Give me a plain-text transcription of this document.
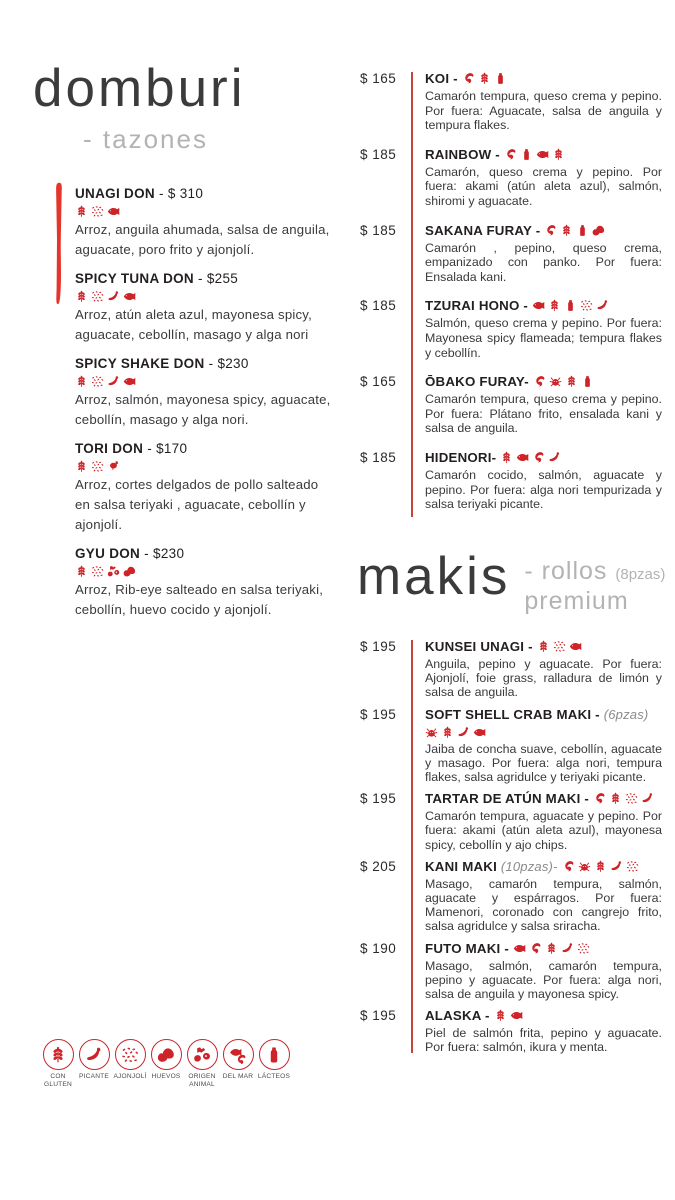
domburi
- tazones
UNAGI DON - $ 310
Arroz, anguila ahumada, salsa de anguila, aguacate, poro frito y ajonjolí.
SPICY TUNA DON - $255
Arroz, atún aleta azul, mayonesa spicy, aguacate, cebollín, masago y alga nori
SPICY SHAKE DON - $230
Arroz, salmón, mayonesa spicy, aguacate, cebollín, masago y alga nori.
TORI DON - $170
Arroz, cortes delgados de pollo salteado en salsa teriyaki , aguacate, cebollín y ajonjolí.
GYU DON - $230
Arroz, Rib-eye salteado en salsa teriyaki, cebollín, huevo cocido y ajonjolí.
$ 165	KOI -
Camarón tempura, queso crema y pepino. Por fuera: Aguacate, salsa de anguila y tempura flakes.
$ 185	RAINBOW -
Camarón, queso crema y pepino. Por fuera: akami (atún aleta azul), salmón, shiromi y aguacate.
$ 185	SAKANA FURAY -
Camarón , pepino, queso crema, empanizado con panko. Por fuera: Ensalada kani.
$ 185	TZURAI HONO -
Salmón, queso crema y pepino. Por fuera: Mayonesa spicy flameada; tempura flakes y cebollín.
$ 165	ŌBAKO FURAY-
Camarón tempura, queso crema y pepino. Por fuera: Plátano frito, ensalada kani y salsa de anguila.
$ 185	HIDENORI-
Camarón cocido, salmón, aguacate y pepino. Por fuera: alga nori tempurizada y salsa teriyaki picante.
makis - rollos (8pzas)
premium
$ 195	KUNSEI UNAGI -
Anguila, pepino y aguacate. Por fuera: Ajonjolí, foie grass, ralladura de limón y salsa de anguila.
$ 195	SOFT SHELL CRAB MAKI - (6pzas)
Jaiba de concha suave, cebollín, aguacate y masago. Por fuera: alga nori, tempura flakes, salsa agridulce y teriyaki picante.
$ 195	TARTAR DE ATÚN MAKI -
Camarón tempura, aguacate y pepino. Por fuera: akami (atún aleta azul), mayonesa spicy, cebollín y ajo chips.
$ 205	KANI MAKI (10pzas)-
Masago, camarón tempura, salmón, aguacate y espárragos. Por fuera: Mamenori, coronado con cangrejo frito, salsa agridulce y salsa sriracha.
$ 190	FUTO MAKI -
Masago, salmón, camarón tempura, pepino y aguacate. Por fuera: alga nori, salsa de anguila y mayonesa spicy.
$ 195	ALASKA -
Piel de salmón frita, pepino y aguacate. Por fuera: salmón, ikura y menta.
CON GLUTEN
PICANTE AJONJOLÍ HUEVOS	ORIGEN ANIMAL
DEL MAR LÁCTEOS
